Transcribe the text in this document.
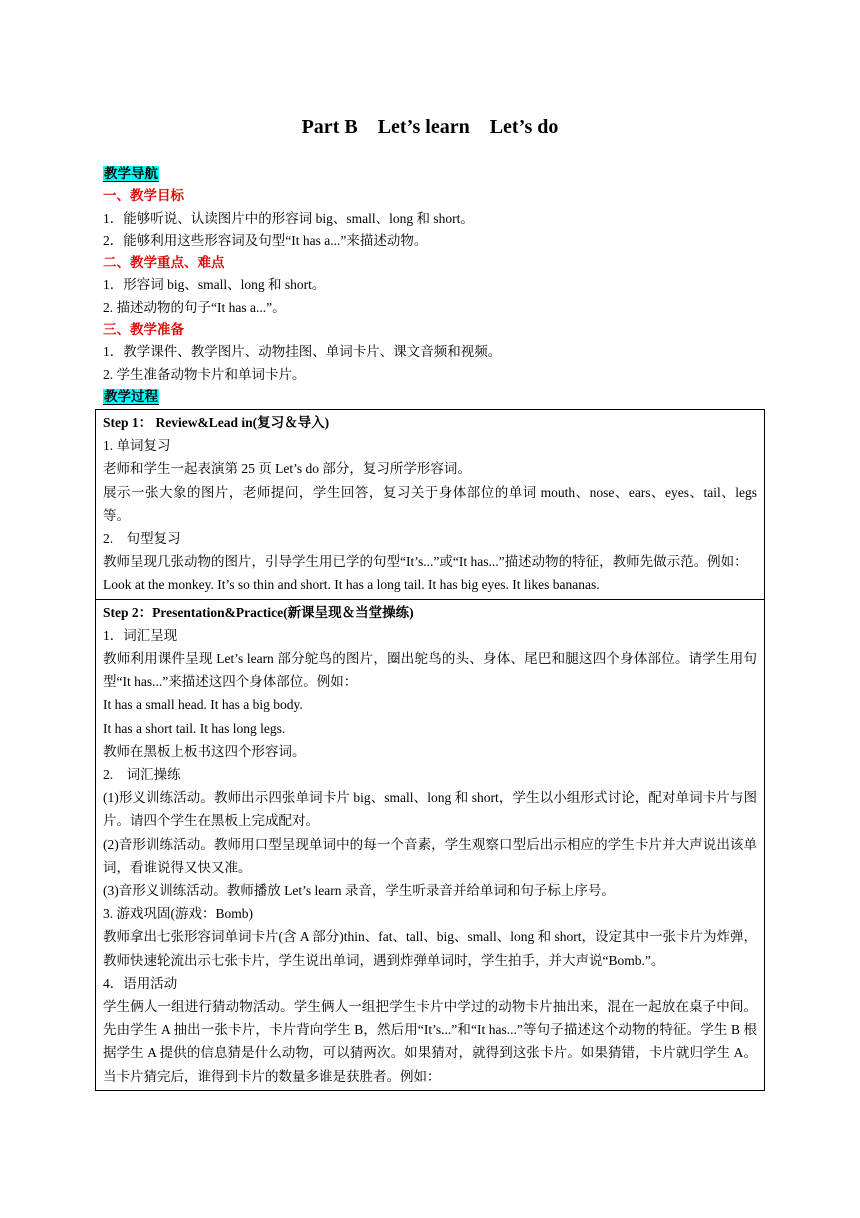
Part B    Let’s learn    Let’s do
教学导航
一、教学目标
1．能够听说、认读图片中的形容词 big、small、long 和 short。
2．能够利用这些形容词及句型“It has a...”来描述动物。
二、教学重点、难点
1．形容词 big、small、long 和 short。
2. 描述动物的句子“It has a...”。
三、教学准备
1．教学课件、教学图片、动物挂图、单词卡片、课文音频和视频。
2. 学生准备动物卡片和单词卡片。
教学过程
Step 1： Review&Lead in(复习＆导入)
1. 单词复习
老师和学生一起表演第 25 页 Let’s do 部分，复习所学形容词。
展示一张大象的图片，老师提问，学生回答，复习关于身体部位的单词 mouth、nose、ears、eyes、tail、legs 等。
2.　句型复习
教师呈现几张动物的图片，引导学生用已学的句型“It’s...”或“It has...”描述动物的特征，教师先做示范。例如：
Look at the monkey. It’s so thin and short. It has a long tail. It has big eyes. It likes bananas.

Step 2：Presentation&Practice(新课呈现＆当堂操练)
1．词汇呈现
教师利用课件呈现 Let’s learn 部分鸵鸟的图片，圈出鸵鸟的头、身体、尾巴和腿这四个身体部位。请学生用句型“It has...”来描述这四个身体部位。例如：
It has a small head. It has a big body.
It has a short tail. It has long legs.
教师在黑板上板书这四个形容词。
2.　词汇操练
(1)形义训练活动。教师出示四张单词卡片 big、small、long 和 short，学生以小组形式讨论，配对单词卡片与图片。请四个学生在黑板上完成配对。
(2)音形训练活动。教师用口型呈现单词中的每一个音素，学生观察口型后出示相应的学生卡片并大声说出该单词，看谁说得又快又准。
(3)音形义训练活动。教师播放 Let’s learn 录音，学生听录音并给单词和句子标上序号。
3. 游戏巩固(游戏：Bomb)
教师拿出七张形容词单词卡片(含 A 部分)thin、fat、tall、big、small、long 和 short，设定其中一张卡片为炸弹，教师快速轮流出示七张卡片，学生说出单词，遇到炸弹单词时，学生拍手，并大声说“Bomb.”。
4．语用活动
学生俩人一组进行猜动物活动。学生俩人一组把学生卡片中学过的动物卡片抽出来，混在一起放在桌子中间。先由学生 A 抽出一张卡片，卡片背向学生 B，然后用“It’s...”和“It has...”等句子描述这个动物的特征。学生 B 根据学生 A 提供的信息猜是什么动物，可以猜两次。如果猜对，就得到这张卡片。如果猜错，卡片就归学生 A。当卡片猜完后，谁得到卡片的数量多谁是获胜者。例如：
